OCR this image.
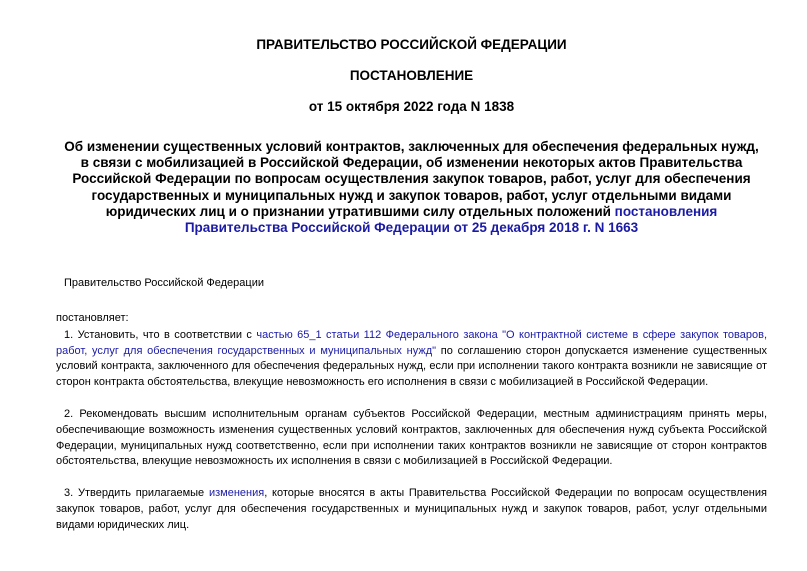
ПРАВИТЕЛЬСТВО РОССИЙСКОЙ ФЕДЕРАЦИИ

ПОСТАНОВЛЕНИЕ

от 15 октября 2022 года N 1838

Об изменении существенных условий контрактов, заключенных для обеспечения федеральных нужд, в связи с мобилизацией в Российской Федерации, об изменении некоторых актов Правительства Российской Федерации по вопросам осуществления закупок товаров, работ, услуг для обеспечения государственных и муниципальных нужд и закупок товаров, работ, услуг отдельными видами юридических лиц и о признании утратившими силу отдельных положений постановления Правительства Российской Федерации от 25 декабря 2018 г. N 1663

Правительство Российской Федерации

постановляет:

1. Установить, что в соответствии с частью 65_1 статьи 112 Федерального закона "О контрактной системе в сфере закупок товаров, работ, услуг для обеспечения государственных и муниципальных нужд" по соглашению сторон допускается изменение существенных условий контракта, заключенного для обеспечения федеральных нужд, если при исполнении такого контракта возникли не зависящие от сторон контракта обстоятельства, влекущие невозможность его исполнения в связи с мобилизацией в Российской Федерации.

2. Рекомендовать высшим исполнительным органам субъектов Российской Федерации, местным администрациям принять меры, обеспечивающие возможность изменения существенных условий контрактов, заключенных для обеспечения нужд субъекта Российской Федерации, муниципальных нужд соответственно, если при исполнении таких контрактов возникли не зависящие от сторон контрактов обстоятельства, влекущие невозможность их исполнения в связи с мобилизацией в Российской Федерации.

3. Утвердить прилагаемые изменения, которые вносятся в акты Правительства Российской Федерации по вопросам осуществления закупок товаров, работ, услуг для обеспечения государственных и муниципальных нужд и закупок товаров, работ, услуг отдельными видами юридических лиц.
